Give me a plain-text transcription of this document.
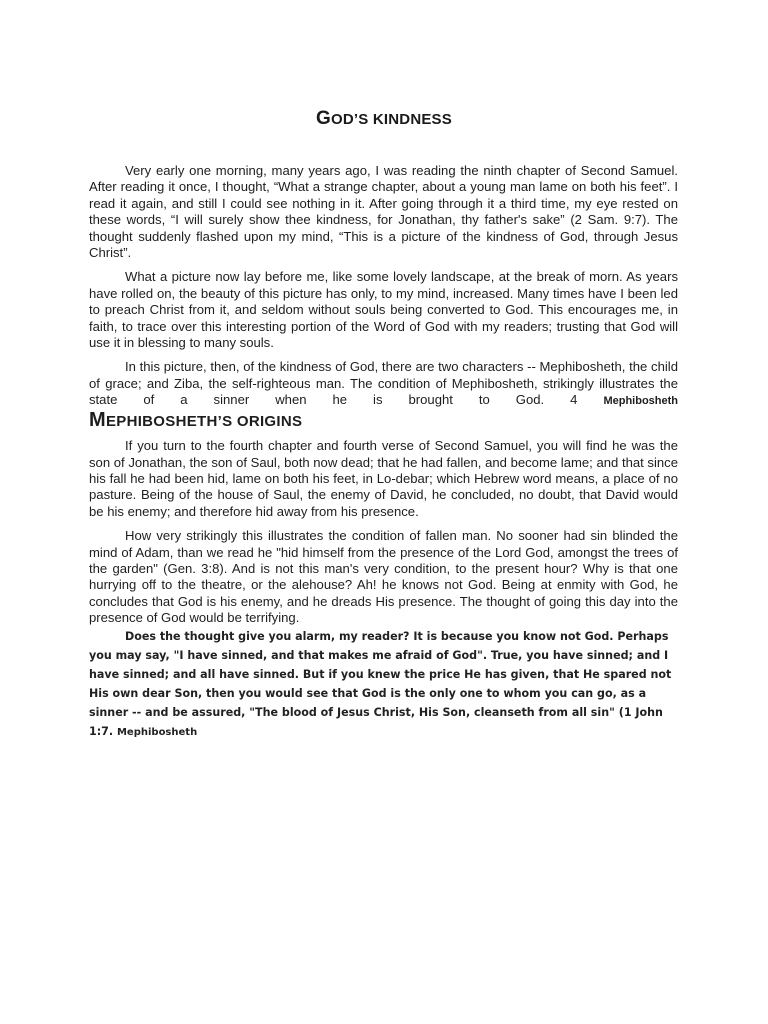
GOD’S KINDNESS

Very early one morning, many years ago, I was reading the ninth chapter of Second Samuel. After reading it once, I thought, “What a strange chapter, about a young man lame on both his feet”. I read it again, and still I could see nothing in it. After going through it a third time, my eye rested on these words, “I will surely show thee kindness, for Jonathan, thy father's sake” (2 Sam. 9:7). The thought suddenly flashed upon my mind, “This is a picture of the kindness of God, through Jesus Christ”.

What a picture now lay before me, like some lovely landscape, at the break of morn. As years have rolled on, the beauty of this picture has only, to my mind, increased. Many times have I been led to preach Christ from it, and seldom without souls being converted to God. This encourages me, in faith, to trace over this interesting portion of the Word of God with my readers; trusting that God will use it in blessing to many souls.

In this picture, then, of the kindness of God, there are two characters -- Mephibosheth, the child of grace; and Ziba, the self-righteous man. The condition of Mephibosheth, strikingly illustrates the state of a sinner when he is brought to God. 4 Mephibosheth

MEPHIBOSHETH’S ORIGINS

If you turn to the fourth chapter and fourth verse of Second Samuel, you will find he was the son of Jonathan, the son of Saul, both now dead; that he had fallen, and become lame; and that since his fall he had been hid, lame on both his feet, in Lo-debar; which Hebrew word means, a place of no pasture. Being of the house of Saul, the enemy of David, he concluded, no doubt, that David would be his enemy; and therefore hid away from his presence.

How very strikingly this illustrates the condition of fallen man. No sooner had sin blinded the mind of Adam, than we read he "hid himself from the presence of the Lord God, amongst the trees of the garden" (Gen. 3:8). And is not this man's very condition, to the present hour? Why is that one hurrying off to the theatre, or the alehouse? Ah! he knows not God. Being at enmity with God, he concludes that God is his enemy, and he dreads His presence. The thought of going this day into the presence of God would be terrifying.

Does the thought give you alarm, my reader? It is because you know not God. Perhaps you may say, "I have sinned, and that makes me afraid of God". True, you have sinned; and I have sinned; and all have sinned. But if you knew the price He has given, that He spared not His own dear Son, then you would see that God is the only one to whom you can go, as a sinner -- and be assured, "The blood of Jesus Christ, His Son, cleanseth from all sin" (1 John 1:7. Mephibosheth
